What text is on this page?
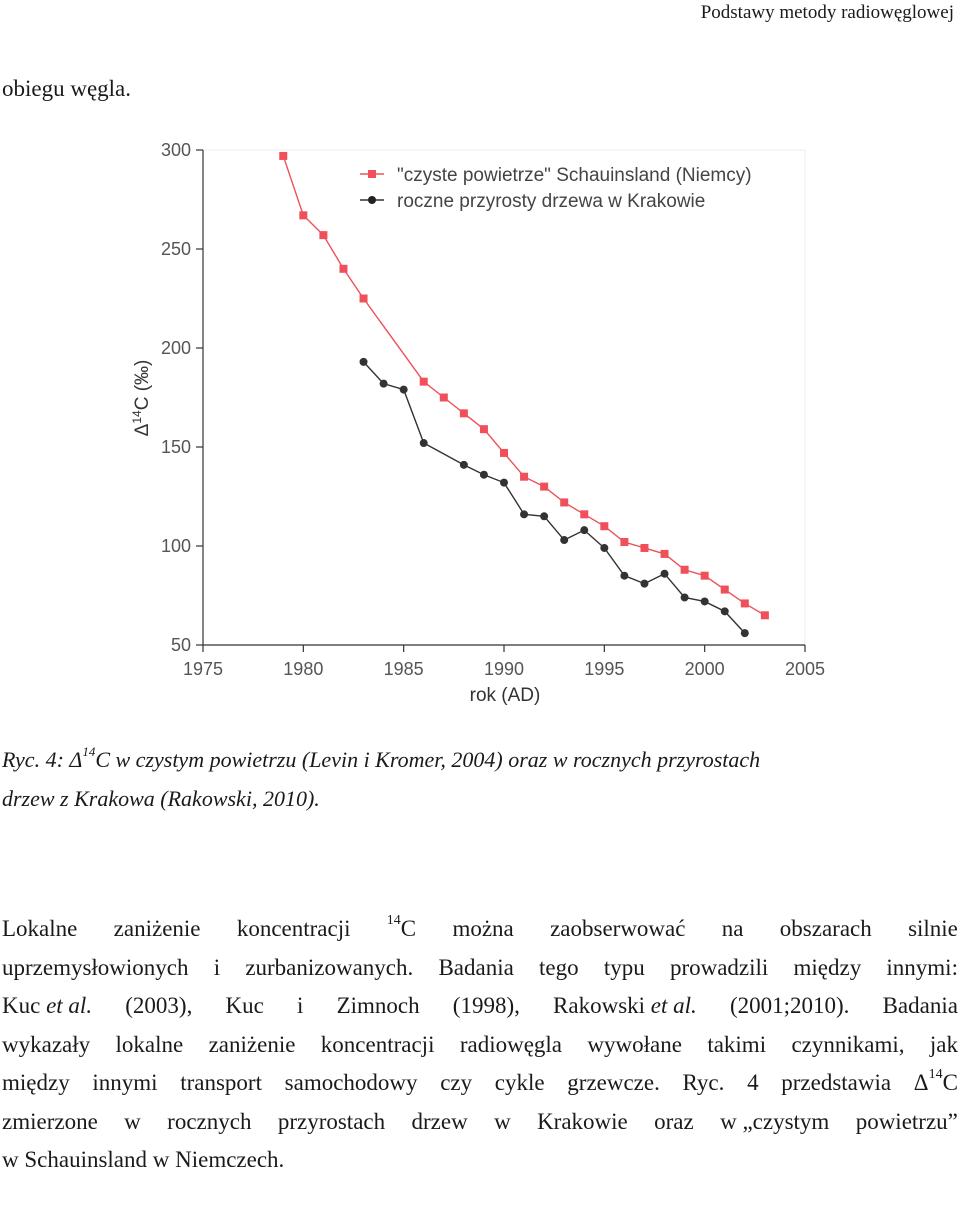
Podstawy metody radiowęglowej
obiegu węgla.
1975	1980	1985	1990	1995	2000	2005
50
100
150
200
250
300
rok (AD)
$\Delta^{14}C$ (‰)
"czyste powietrze" Schauinsland (Niemcy)
roczne przyrosty drzewa w Krakowie
Ryc. 4: $\Delta^{14}C$ w czystym powietrzu (Levin i Kromer, 2004) oraz w rocznych przyrostach
drzew z Krakowa (Rakowski, 2010).
Lokalne zaniżenie koncentracji	$^{14}$C można zaobserwować na obszarach silnie
uprzemysłowionych i zurbanizowanych. Badania tego typu prowadzili między innymi:
Kuc et al. (2003), Kuc i Zimnoch (1998), Rakowski et al. (2001;2010). Badania
wykazały lokalne zaniżenie koncentracji radiowęgla wywołane takimi czynnikami, jak
między innymi transport samochodowy czy cykle grzewcze. Ryc. 4 przedstawia $\Delta^{14}C$
zmierzone w rocznych przyrostach drzew w Krakowie oraz w „czystym powietrzu”
w Schauinsland w Niemczech.
